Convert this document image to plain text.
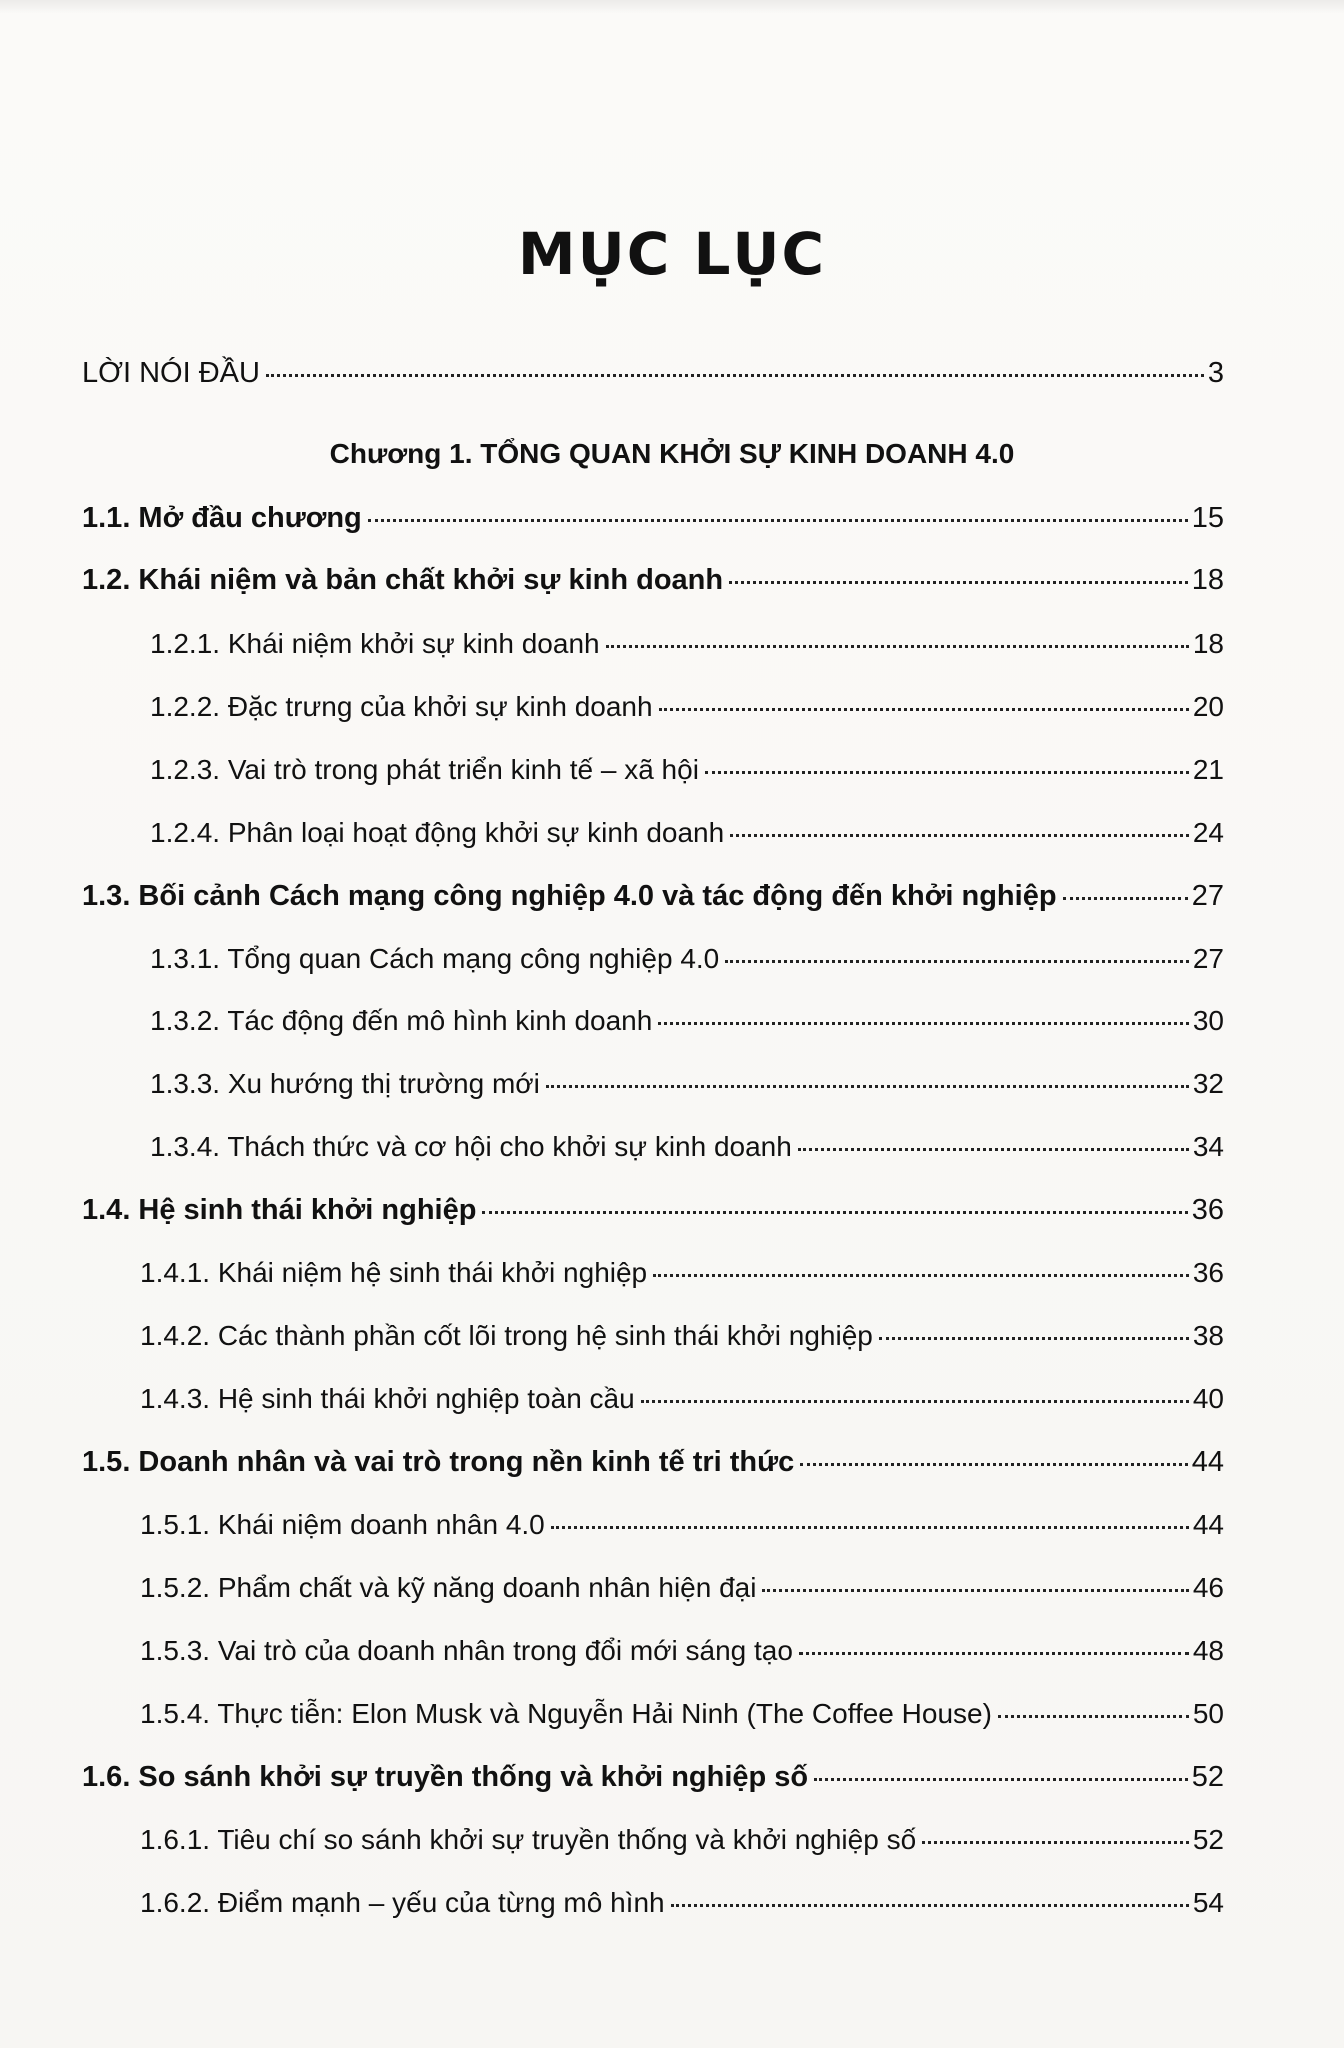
MỤC LỤC
LỜI NÓI ĐẦU	3
Chương 1. TỔNG QUAN KHỞI SỰ KINH DOANH 4.0
1.1. Mở đầu chương	15
1.2. Khái niệm và bản chất khởi sự kinh doanh	18
1.2.1. Khái niệm khởi sự kinh doanh	18
1.2.2. Đặc trưng của khởi sự kinh doanh	20
1.2.3. Vai trò trong phát triển kinh tế – xã hội	21
1.2.4. Phân loại hoạt động khởi sự kinh doanh	24
1.3. Bối cảnh Cách mạng công nghiệp 4.0 và tác động đến khởi nghiệp	27
1.3.1. Tổng quan Cách mạng công nghiệp 4.0	27
1.3.2. Tác động đến mô hình kinh doanh	30
1.3.3. Xu hướng thị trường mới	32
1.3.4. Thách thức và cơ hội cho khởi sự kinh doanh	34
1.4. Hệ sinh thái khởi nghiệp	36
1.4.1. Khái niệm hệ sinh thái khởi nghiệp	36
1.4.2. Các thành phần cốt lõi trong hệ sinh thái khởi nghiệp	38
1.4.3. Hệ sinh thái khởi nghiệp toàn cầu	40
1.5. Doanh nhân và vai trò trong nền kinh tế tri thức	44
1.5.1. Khái niệm doanh nhân 4.0	44
1.5.2. Phẩm chất và kỹ năng doanh nhân hiện đại	46
1.5.3. Vai trò của doanh nhân trong đổi mới sáng tạo	48
1.5.4. Thực tiễn: Elon Musk và Nguyễn Hải Ninh (The Coffee House)	50
1.6. So sánh khởi sự truyền thống và khởi nghiệp số	52
1.6.1. Tiêu chí so sánh khởi sự truyền thống và khởi nghiệp số	52
1.6.2. Điểm mạnh – yếu của từng mô hình	54
